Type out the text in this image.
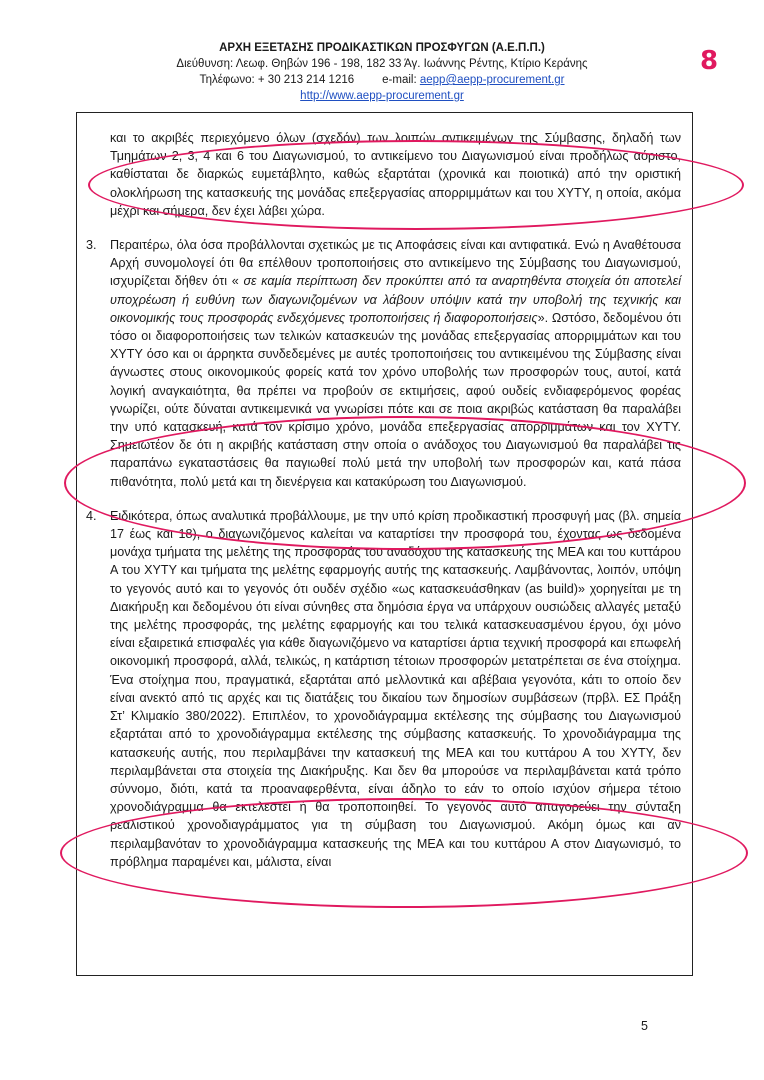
ΑΡΧΗ ΕΞΕΤΑΣΗΣ ΠΡΟΔΙΚΑΣΤΙΚΩΝ ΠΡΟΣΦΥΓΩΝ (Α.Ε.Π.Π.)
Διεύθυνση: Λεωφ. Θηβών 196 - 198, 182 33 Άγ. Ιωάννης Ρέντης, Κτίριο Κεράνης
Τηλέφωνο: + 30 213 214 1216 e-mail: aepp@aepp-procurement.gr
http://www.aepp-procurement.gr
8

και το ακριβές περιεχόμενο όλων (σχεδόν) των λοιπών αντικειμένων της Σύμβασης, δηλαδή των Τμημάτων 2, 3, 4 και 6 του Διαγωνισμού, το αντικείμενο του Διαγωνισμού είναι προδήλως αόριστο, καθίσταται δε διαρκώς ευμετάβλητο, καθώς εξαρτάται (χρονικά και ποιοτικά) από την οριστική ολοκλήρωση της κατασκευής της μονάδας επεξεργασίας απορριμμάτων και του ΧΥΤΥ, η οποία, ακόμα μέχρι και σήμερα, δεν έχει λάβει χώρα.

3. Περαιτέρω, όλα όσα προβάλλονται σχετικώς με τις Αποφάσεις είναι και αντιφατικά. Ενώ η Αναθέτουσα Αρχή συνομολογεί ότι θα επέλθουν τροποποιήσεις στο αντικείμενο της Σύμβασης του Διαγωνισμού, ισχυρίζεται δήθεν ότι « σε καμία περίπτωση δεν προκύπτει από τα αναρτηθέντα στοιχεία ότι αποτελεί υποχρέωση ή ευθύνη των διαγωνιζομένων να λάβουν υπόψιν κατά την υποβολή της τεχνικής και οικονομικής τους προσφοράς ενδεχόμενες τροποποιήσεις ή διαφοροποιήσεις». Ωστόσο, δεδομένου ότι τόσο οι διαφοροποιήσεις των τελικών κατασκευών της μονάδας επεξεργασίας απορριμμάτων και του ΧΥΤΥ όσο και οι άρρηκτα συνδεδεμένες με αυτές τροποποιήσεις του αντικειμένου της Σύμβασης είναι άγνωστες στους οικονομικούς φορείς κατά τον χρόνο υποβολής των προσφορών τους, αυτοί, κατά λογική αναγκαιότητα, θα πρέπει να προβούν σε εκτιμήσεις, αφού ουδείς ενδιαφερόμενος φορέας γνωρίζει, ούτε δύναται αντικειμενικά να γνωρίσει πότε και σε ποια ακριβώς κατάσταση θα παραλάβει την υπό κατασκευή, κατά τον κρίσιμο χρόνο, μονάδα επεξεργασίας απορριμμάτων και τον ΧΥΤΥ. Σημειωτέον δε ότι η ακριβής κατάσταση στην οποία ο ανάδοχος του Διαγωνισμού θα παραλάβει τις παραπάνω εγκαταστάσεις θα παγιωθεί πολύ μετά την υποβολή των προσφορών και, κατά πάσα πιθανότητα, πολύ μετά και τη διενέργεια και κατακύρωση του Διαγωνισμού.

4. Ειδικότερα, όπως αναλυτικά προβάλλουμε, με την υπό κρίση προδικαστική προσφυγή μας (βλ. σημεία 17 έως και 18), ο διαγωνιζόμενος καλείται να καταρτίσει την προσφορά του, έχοντας ως δεδομένα μονάχα τμήματα της μελέτης της προσφοράς του αναδόχου της κατασκευής της ΜΕΑ και του κυττάρου Α του ΧΥΤΥ και τμήματα της μελέτης εφαρμογής αυτής της κατασκευής. Λαμβάνοντας, λοιπόν, υπόψη το γεγονός αυτό και το γεγονός ότι ουδέν σχέδιο «ως κατασκευάσθηκαν (as build)» χορηγείται με τη Διακήρυξη και δεδομένου ότι είναι σύνηθες στα δημόσια έργα να υπάρχουν ουσιώδεις αλλαγές μεταξύ της μελέτης προσφοράς, της μελέτης εφαρμογής και του τελικά κατασκευασμένου έργου, όχι μόνο είναι εξαιρετικά επισφαλές για κάθε διαγωνιζόμενο να καταρτίσει άρτια τεχνική προσφορά και επωφελή οικονομική προσφορά, αλλά, τελικώς, η κατάρτιση τέτοιων προσφορών μετατρέπεται σε ένα στοίχημα. Ένα στοίχημα που, πραγματικά, εξαρτάται από μελλοντικά και αβέβαια γεγονότα, κάτι το οποίο δεν είναι ανεκτό από τις αρχές και τις διατάξεις του δικαίου των δημοσίων συμβάσεων (πρβλ. ΕΣ Πράξη Στ’ Κλιμακίο 380/2022). Επιπλέον, το χρονοδιάγραμμα εκτέλεσης της σύμβασης του Διαγωνισμού εξαρτάται από το χρονοδιάγραμμα εκτέλεσης της σύμβασης κατασκευής. Το χρονοδιάγραμμα της κατασκευής αυτής, που περιλαμβάνει την κατασκευή της ΜΕΑ και του κυττάρου Α του ΧΥΤΥ, δεν περιλαμβάνεται στα στοιχεία της Διακήρυξης. Και δεν θα μπορούσε να περιλαμβάνεται κατά τρόπο σύννομο, διότι, κατά τα προαναφερθέντα, είναι άδηλο το εάν το οποίο ισχύον σήμερα τέτοιο χρονοδιάγραμμα θα εκτελεστεί ή θα τροποποιηθεί. Το γεγονός αυτό απαγορεύει την σύνταξη ρεαλιστικού χρονοδιαγράμματος για τη σύμβαση του Διαγωνισμού. Ακόμη όμως και αν περιλαμβανόταν το χρονοδιάγραμμα κατασκευής της ΜΕΑ και του κυττάρου Α στον Διαγωνισμό, το πρόβλημα παραμένει και, μάλιστα, είναι

5
